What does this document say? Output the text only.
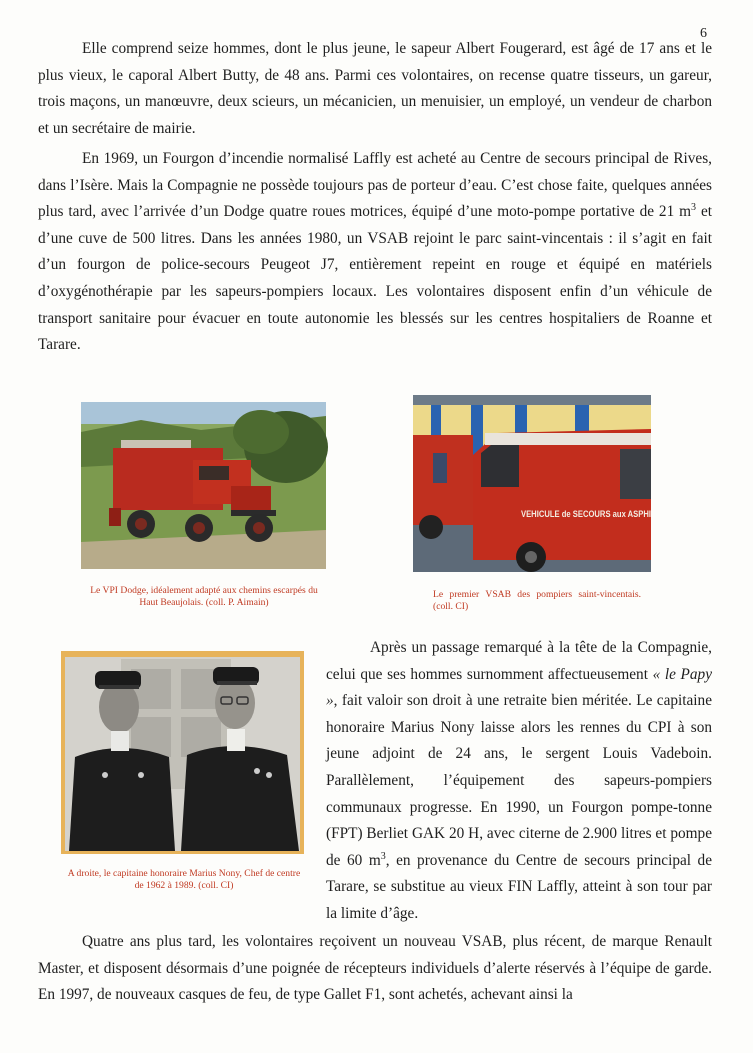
6

Elle comprend seize hommes, dont le plus jeune, le sapeur Albert Fougerard, est âgé de 17 ans et le plus vieux, le caporal Albert Butty, de 48 ans. Parmi ces volontaires, on recense quatre tisseurs, un gareur, trois maçons, un manœuvre, deux scieurs, un mécanicien, un menuisier, un employé, un vendeur de charbon et un secrétaire de mairie.

En 1969, un Fourgon d’incendie normalisé Laffly est acheté au Centre de secours principal de Rives, dans l’Isère. Mais la Compagnie ne possède toujours pas de porteur d’eau. C’est chose faite, quelques années plus tard, avec l’arrivée d’un Dodge quatre roues motrices, équipé d’une moto-pompe portative de 21 $m^3$ et d’une cuve de 500 litres. Dans les années 1980, un VSAB rejoint le parc saint-vincentais : il s’agit en fait d’un fourgon de police-secours Peugeot J7, entièrement repeint en rouge et équipé en matériels d’oxygénothérapie par les sapeurs-pompiers locaux. Les volontaires disposent enfin d’un véhicule de transport sanitaire pour évacuer en toute autonomie les blessés sur les centres hospitaliers de Roanne et Tarare.

VEHICULE de SECOURS aux ASPHI

Le VPI Dodge, idéalement adapté aux chemins escarpés du Haut Beaujolais. (coll. P. Aimain)

Le premier VSAB des pompiers saint-vincentais. (coll. CI)

Après un passage remarqué à la tête de la Compagnie, celui que ses hommes surnomment affectueusement « le Papy », fait valoir son droit à une retraite bien méritée. Le capitaine honoraire Marius Nony laisse alors les rennes du CPI à son jeune adjoint de 24 ans, le sergent Louis Vadeboin. Parallèlement, l’équipement des sapeurs-pompiers communaux progresse. En 1990, un Fourgon pompe-tonne (FPT) Berliet GAK 20 H, avec citerne de 2.900 litres et pompe de 60 $m^3$, en provenance du Centre de secours principal de Tarare, se substitue au vieux FIN Laffly, atteint à son tour par la limite d’âge.

A droite, le capitaine honoraire Marius Nony, Chef de centre de 1962 à 1989. (coll. CI)

Quatre ans plus tard, les volontaires reçoivent un nouveau VSAB, plus récent, de marque Renault Master, et disposent désormais d’une poignée de récepteurs individuels d’alerte réservés à l’équipe de garde. En 1997, de nouveaux casques de feu, de type Gallet F1, sont achetés, achevant ainsi la
